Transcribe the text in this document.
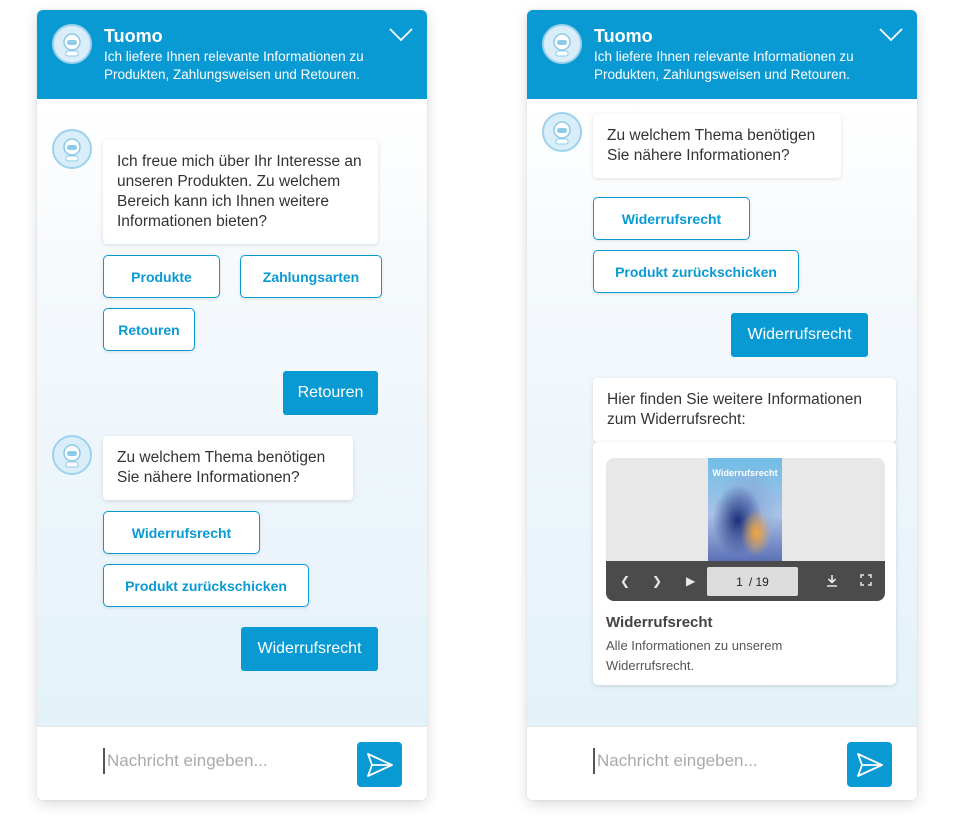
Tuomo
Ich liefere Ihnen relevante Informationen zu Produkten, Zahlungsweisen und Retouren.
Ich freue mich über Ihr Interesse an unseren Produkten. Zu welchem Bereich kann ich Ihnen weitere Informationen bieten?
Produkte	Zahlungsarten
Retouren
Retouren
Zu welchem Thema benötigen Sie nähere Informationen?
Widerrufsrecht
Produkt zurückschicken
Widerrufsrecht
Nachricht eingeben...
Tuomo
Ich liefere Ihnen relevante Informationen zu Produkten, Zahlungsweisen und Retouren.
Zu welchem Thema benötigen Sie nähere Informationen?
Widerrufsrecht
Produkt zurückschicken
Widerrufsrecht
Hier finden Sie weitere Informationen zum Widerrufsrecht:
Widerrufsrecht
❮ ❯ ▶	1 / 19
Widerrufsrecht
Alle Informationen zu unserem Widerrufsrecht.
Nachricht eingeben...
